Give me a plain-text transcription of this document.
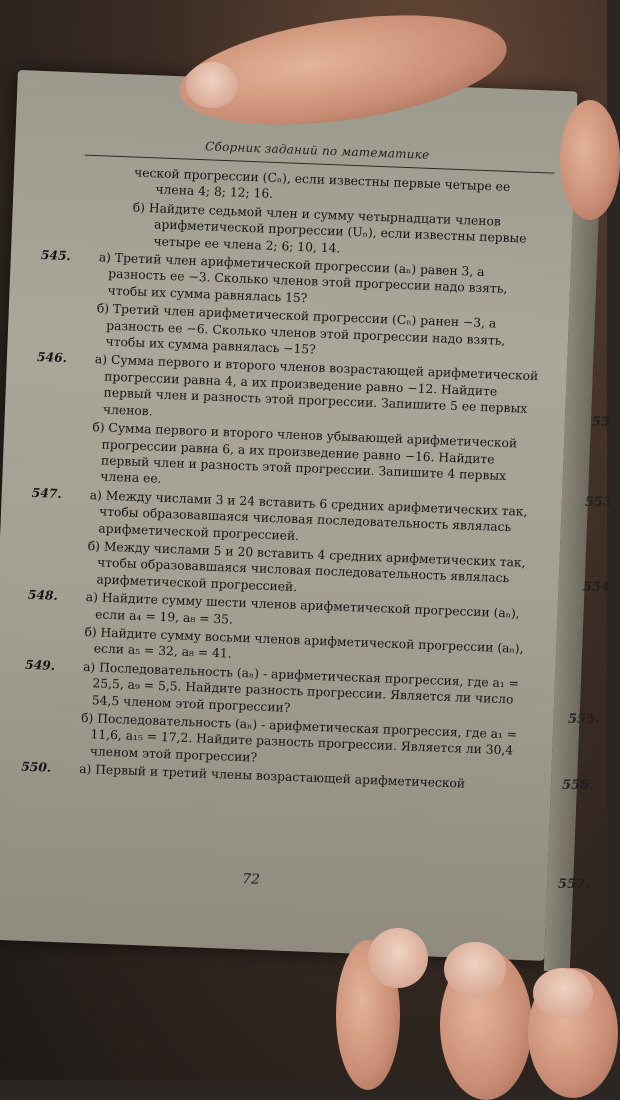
Сборник заданий по математике
ческой прогрессии (Cₙ), если известны первые четыре ее члена 4; 8; 12; 16.
б) Найдите седьмой член и сумму четырнадцати членов арифметической прогрессии (Uₙ), если известны первые четыре ее члена 2; 6; 10, 14.
545. а) Третий член арифметической прогрессии (aₙ) равен 3, а разность ее −3. Сколько членов этой прогрессии надо взять, чтобы их сумма равнялась 15?
б) Третий член арифметической прогрессии (Cₙ) ранен −3, а разность ее −6. Сколько членов этой прогрессии надо взять, чтобы их сумма равнялась −15?
546. а) Сумма первого и второго членов возрастающей арифметической прогрессии равна 4, а их произведение равно −12. Найдите первый член и разность этой прогрессии. Запишите 5 ее первых членов.
б) Сумма первого и второго членов убывающей арифметической прогрессии равна 6, а их произведение равно −16. Найдите первый член и разность этой прогрессии. Запишите 4 первых члена ее.
547. а) Между числами 3 и 24 вставить 6 средних арифметических так, чтобы образовавшаяся числовая последовательность являлась арифметической прогрессией.
б) Между числами 5 и 20 вставить 4 средних арифметических так, чтобы образовавшаяся числовая последовательность являлась арифметической прогрессией.
548. а) Найдите сумму шести членов арифметической прогрессии (aₙ), если a₄ = 19, a₈ = 35.
б) Найдите сумму восьми членов арифметической прогрессии (aₙ), если a₅ = 32, a₈ = 41.
549. а) Последовательность (aₙ) - арифметическая прогрессия, где a₁ = 25,5, a₉ = 5,5. Найдите разность прогрессии. Является ли число 54,5 членом этой прогрессии?
б) Последовательность (aₙ) - арифметическая прогрессия, где a₁ = 11,6, a₁₅ = 17,2. Найдите разность прогрессии. Является ли 30,4 членом этой прогрессии?
550. а) Первый и третий члены возрастающей арифметической
72
55
553
554.
555.
556.
557.
